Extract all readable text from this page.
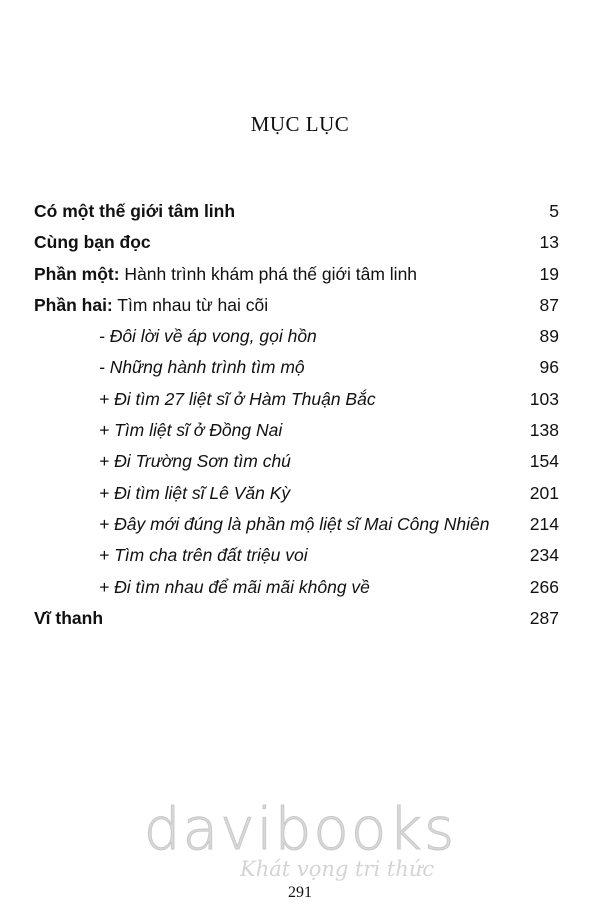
MỤC LỤC
Có một thế giới tâm linh	5
Cùng bạn đọc	13
Phần một: Hành trình khám phá thế giới tâm linh	19
Phần hai: Tìm nhau từ hai cõi	87
- Đôi lời về áp vong, gọi hồn	89
- Những hành trình tìm mộ	96
+ Đi tìm 27 liệt sĩ ở Hàm Thuận Bắc	103
+ Tìm liệt sĩ ở Đồng Nai	138
+ Đi Trường Sơn tìm chú	154
+ Đi tìm liệt sĩ Lê Văn Kỳ	201
+ Đây mới đúng là phần mộ liệt sĩ Mai Công Nhiên 214
+ Tìm cha trên đất triệu voi	234
+ Đi tìm nhau để mãi mãi không về	266
Vĩ thanh	287
davibooks
Khát vọng tri thức
291
